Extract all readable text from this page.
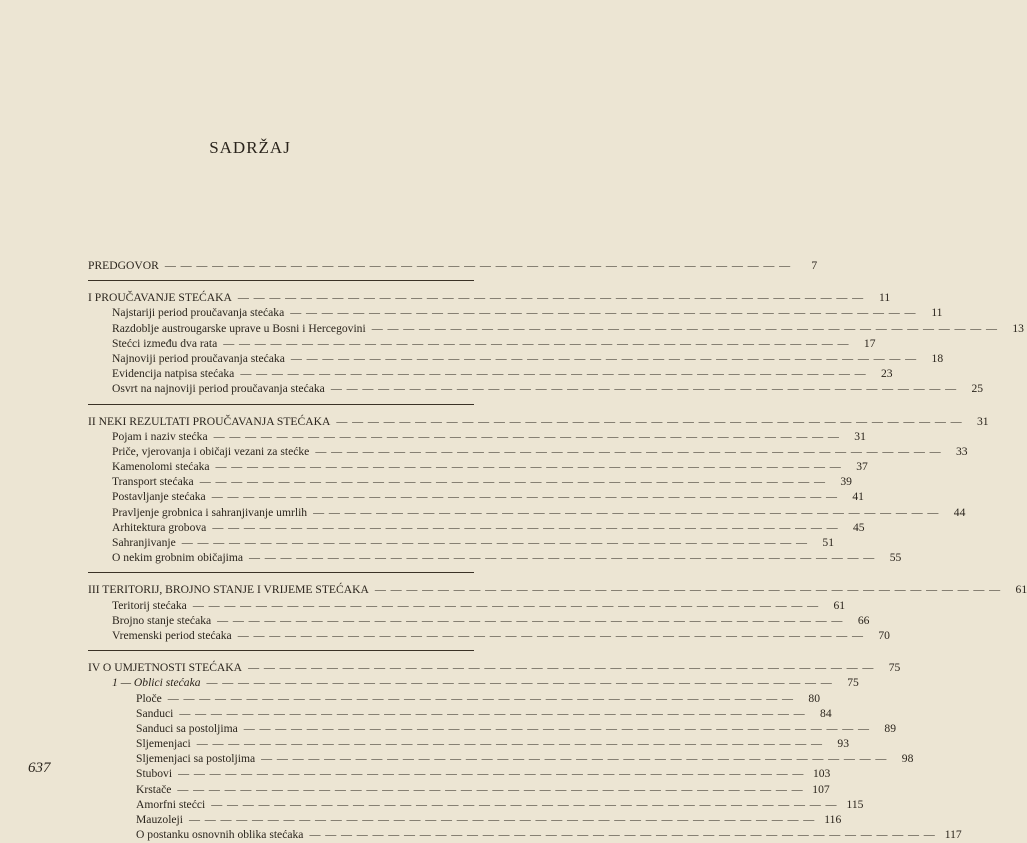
SADRŽAJ
PREDGOVOR — — — — — — — — — — — — — — — — — — — — — — — — — — — — — — — — — — — — — — — —	7
I PROUČAVANJE STEĆAKA — — — — — — — — — — — — — — — — — — — — — — — — — — — — — — — — — — — — — — — —	11
Najstariji period proučavanja stećaka — — — — — — — — — — — — — — — — — — — — — — — — — — — — — — — — — — — — — — — —	11
Razdoblje austrougarske uprave u Bosni i Hercegovini — — — — — — — — — — — — — — — — — — — — — — — — — — — — — — — — — — — — — — — —	13
Stećci između dva rata — — — — — — — — — — — — — — — — — — — — — — — — — — — — — — — — — — — — — — — —	17
Najnoviji period proučavanja stećaka — — — — — — — — — — — — — — — — — — — — — — — — — — — — — — — — — — — — — — — —	18
Evidencija natpisa stećaka — — — — — — — — — — — — — — — — — — — — — — — — — — — — — — — — — — — — — — — —	23
Osvrt na najnoviji period proučavanja stećaka — — — — — — — — — — — — — — — — — — — — — — — — — — — — — — — — — — — — — — — —	25
II NEKI REZULTATI PROUČAVANJA STEĆAKA — — — — — — — — — — — — — — — — — — — — — — — — — — — — — — — — — — — — — — — —	31
Pojam i naziv stećka — — — — — — — — — — — — — — — — — — — — — — — — — — — — — — — — — — — — — — — —	31
Priče, vjerovanja i običaji vezani za stećke — — — — — — — — — — — — — — — — — — — — — — — — — — — — — — — — — — — — — — — —	33
Kamenolomi stećaka — — — — — — — — — — — — — — — — — — — — — — — — — — — — — — — — — — — — — — — —	37
Transport stećaka — — — — — — — — — — — — — — — — — — — — — — — — — — — — — — — — — — — — — — — —	39
Postavljanje stećaka — — — — — — — — — — — — — — — — — — — — — — — — — — — — — — — — — — — — — — — —	41
Pravljenje grobnica i sahranjivanje umrlih — — — — — — — — — — — — — — — — — — — — — — — — — — — — — — — — — — — — — — — —	44
Arhitektura grobova — — — — — — — — — — — — — — — — — — — — — — — — — — — — — — — — — — — — — — — —	45
Sahranjivanje — — — — — — — — — — — — — — — — — — — — — — — — — — — — — — — — — — — — — — — —	51
O nekim grobnim običajima — — — — — — — — — — — — — — — — — — — — — — — — — — — — — — — — — — — — — — — —	55
III TERITORIJ, BROJNO STANJE I VRIJEME STEĆAKA — — — — — — — — — — — — — — — — — — — — — — — — — — — — — — — — — — — — — — — —	61
Teritorij stećaka — — — — — — — — — — — — — — — — — — — — — — — — — — — — — — — — — — — — — — — —	61
Brojno stanje stećaka — — — — — — — — — — — — — — — — — — — — — — — — — — — — — — — — — — — — — — — —	66
Vremenski period stećaka — — — — — — — — — — — — — — — — — — — — — — — — — — — — — — — — — — — — — — — —	70
IV O UMJETNOSTI STEĆAKA — — — — — — — — — — — — — — — — — — — — — — — — — — — — — — — — — — — — — — — —	75
1 — Oblici stećaka — — — — — — — — — — — — — — — — — — — — — — — — — — — — — — — — — — — — — — — —	75
Ploče — — — — — — — — — — — — — — — — — — — — — — — — — — — — — — — — — — — — — — — —	80
Sanduci — — — — — — — — — — — — — — — — — — — — — — — — — — — — — — — — — — — — — — — —	84
Sanduci sa postoljima — — — — — — — — — — — — — — — — — — — — — — — — — — — — — — — — — — — — — — — —	89
Sljemenjaci — — — — — — — — — — — — — — — — — — — — — — — — — — — — — — — — — — — — — — — —	93
Sljemenjaci sa postoljima — — — — — — — — — — — — — — — — — — — — — — — — — — — — — — — — — — — — — — — —	98
Stubovi — — — — — — — — — — — — — — — — — — — — — — — — — — — — — — — — — — — — — — — — 103
Krstače — — — — — — — — — — — — — — — — — — — — — — — — — — — — — — — — — — — — — — — — 107
Amorfni stećci — — — — — — — — — — — — — — — — — — — — — — — — — — — — — — — — — — — — — — — — 115
Mauzoleji — — — — — — — — — — — — — — — — — — — — — — — — — — — — — — — — — — — — — — — — 116
O postanku osnovnih oblika stećaka — — — — — — — — — — — — — — — — — — — — — — — — — — — — — — — — — — — — — — — — 117
637
